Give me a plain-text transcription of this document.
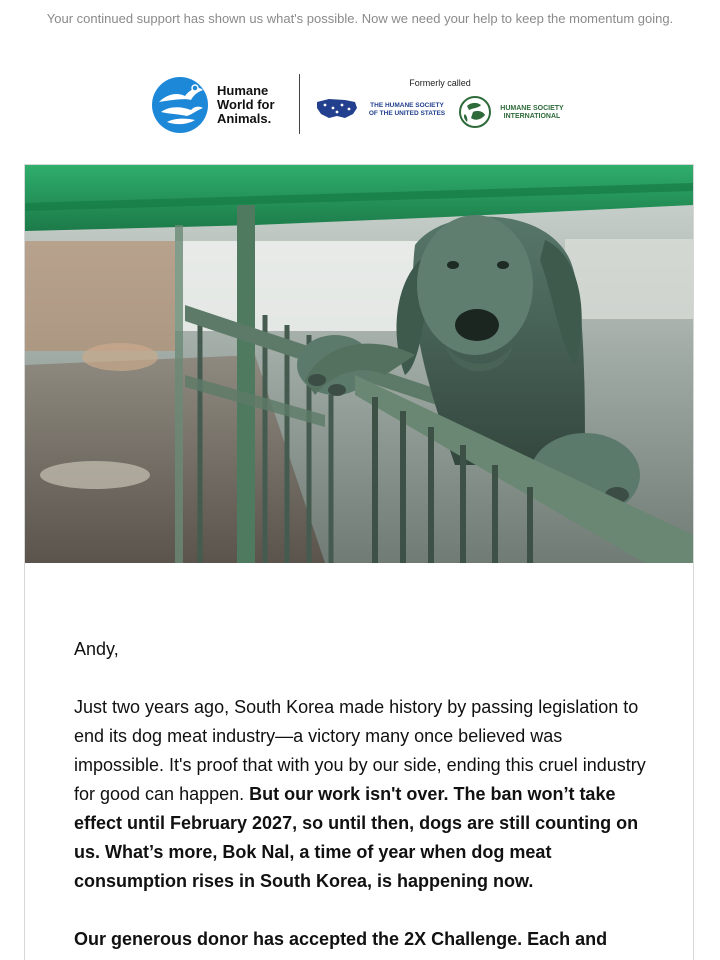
Your continued support has shown us what's possible. Now we need your help to keep the momentum going.
Humane
World for
Animals.
Formerly called
THE HUMANE SOCIETY
OF THE UNITED STATES
HUMANE SOCIETY
INTERNATIONAL

Andy,

Just two years ago, South Korea made history by passing legislation to end its dog meat industry—a victory many once believed was impossible. It's proof that with you by our side, ending this cruel industry for good can happen. But our work isn't over. The ban won’t take effect until February 2027, so until then, dogs are still counting on us. What’s more, Bok Nal, a time of year when dog meat consumption rises in South Korea, is happening now.

Our generous donor has accepted the 2X Challenge. Each and
